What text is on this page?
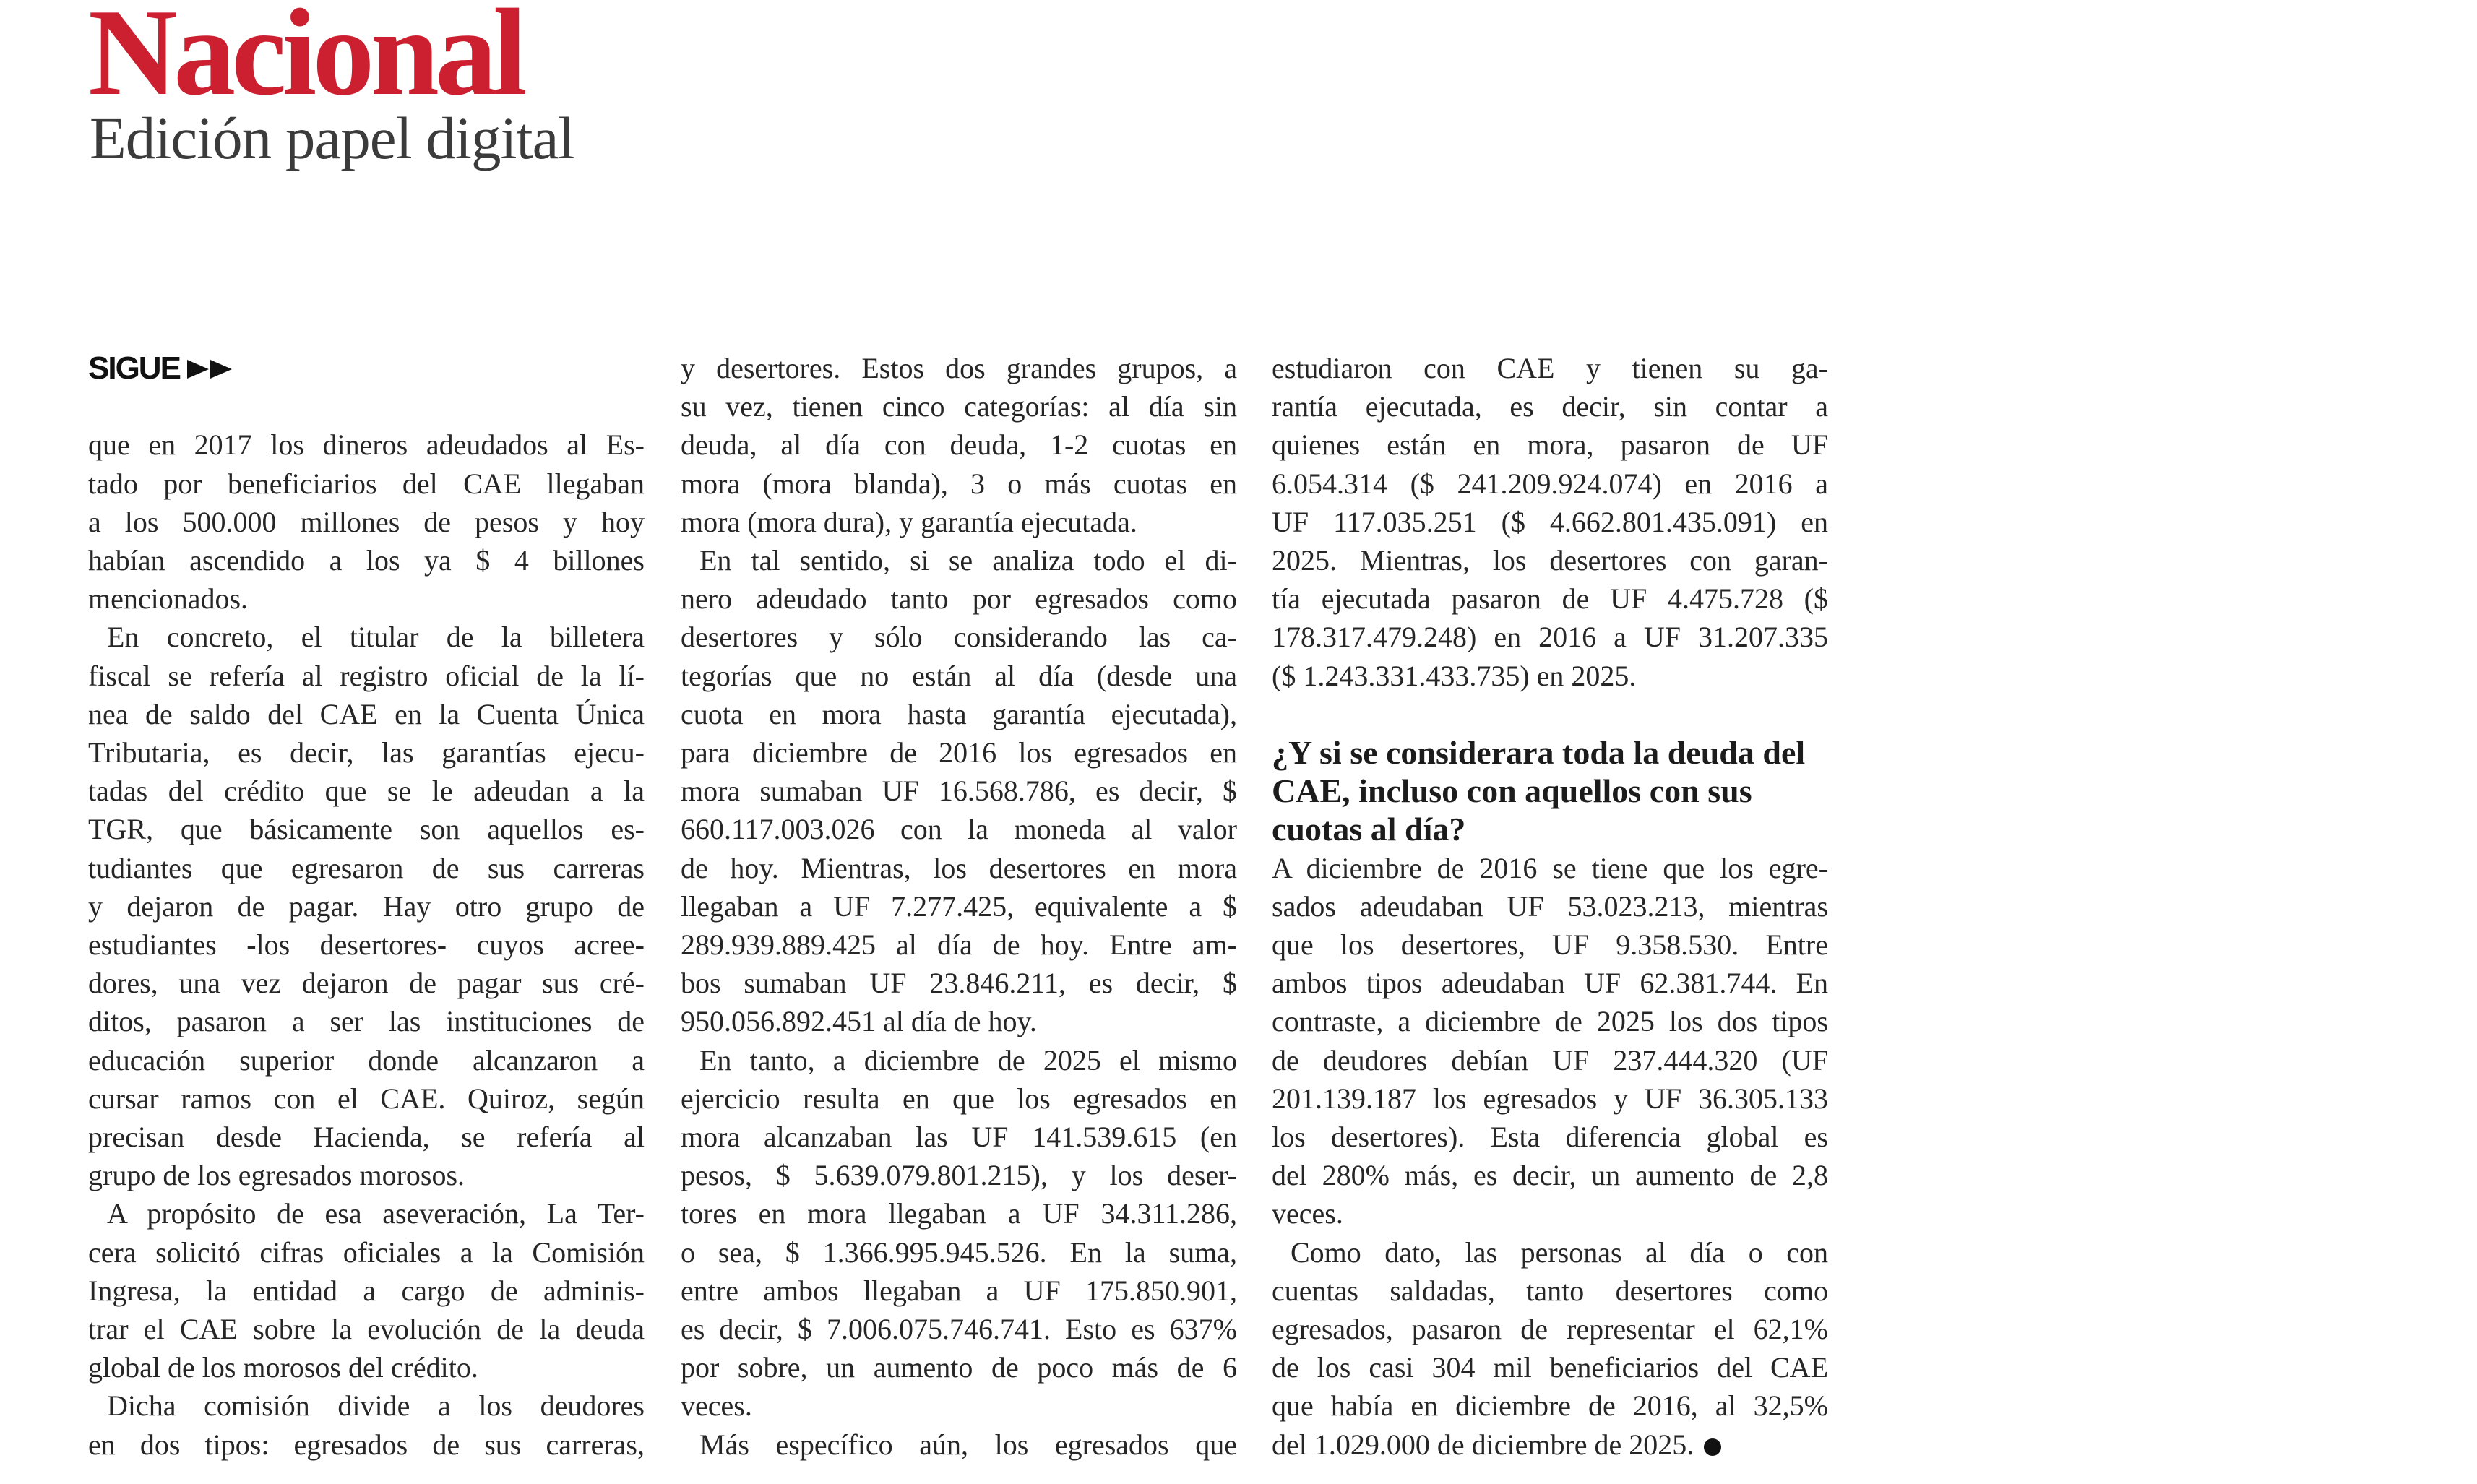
Nacional
Edición papel digital
SIGUE
que en 2017 los dineros adeudados al Es-
tado por beneficiarios del CAE llegaban
a los 500.000 millones de pesos y hoy
habían ascendido a los ya $ 4 billones
mencionados.
En concreto, el titular de la billetera
fiscal se refería al registro oficial de la lí-
nea de saldo del CAE en la Cuenta Única
Tributaria, es decir, las garantías ejecu-
tadas del crédito que se le adeudan a la
TGR, que básicamente son aquellos es-
tudiantes que egresaron de sus carreras
y dejaron de pagar. Hay otro grupo de
estudiantes -los desertores- cuyos acree-
dores, una vez dejaron de pagar sus cré-
ditos, pasaron a ser las instituciones de
educación superior donde alcanzaron a
cursar ramos con el CAE. Quiroz, según
precisan desde Hacienda, se refería al
grupo de los egresados morosos.
A propósito de esa aseveración, La Ter-
cera solicitó cifras oficiales a la Comisión
Ingresa, la entidad a cargo de adminis-
trar el CAE sobre la evolución de la deuda
global de los morosos del crédito.
Dicha comisión divide a los deudores
en dos tipos: egresados de sus carreras,
y desertores. Estos dos grandes grupos, a
su vez, tienen cinco categorías: al día sin
deuda, al día con deuda, 1-2 cuotas en
mora (mora blanda), 3 o más cuotas en
mora (mora dura), y garantía ejecutada.
En tal sentido, si se analiza todo el di-
nero adeudado tanto por egresados como
desertores y sólo considerando las ca-
tegorías que no están al día (desde una
cuota en mora hasta garantía ejecutada),
para diciembre de 2016 los egresados en
mora sumaban UF 16.568.786, es decir, $
660.117.003.026 con la moneda al valor
de hoy. Mientras, los desertores en mora
llegaban a UF 7.277.425, equivalente a $
289.939.889.425 al día de hoy. Entre am-
bos sumaban UF 23.846.211, es decir, $
950.056.892.451 al día de hoy.
En tanto, a diciembre de 2025 el mismo
ejercicio resulta en que los egresados en
mora alcanzaban las UF 141.539.615 (en
pesos, $ 5.639.079.801.215), y los deser-
tores en mora llegaban a UF 34.311.286,
o sea, $ 1.366.995.945.526. En la suma,
entre ambos llegaban a UF 175.850.901,
es decir, $ 7.006.075.746.741. Esto es 637%
por sobre, un aumento de poco más de 6
veces.
Más específico aún, los egresados que
estudiaron con CAE y tienen su ga-
rantía ejecutada, es decir, sin contar a
quienes están en mora, pasaron de UF
6.054.314 ($ 241.209.924.074) en 2016 a
UF 117.035.251 ($ 4.662.801.435.091) en
2025. Mientras, los desertores con garan-
tía ejecutada pasaron de UF 4.475.728 ($
178.317.479.248) en 2016 a UF 31.207.335
($ 1.243.331.433.735) en 2025.
¿Y si se considerara toda la deuda del
CAE, incluso con aquellos con sus
cuotas al día?
A diciembre de 2016 se tiene que los egre-
sados adeudaban UF 53.023.213, mientras
que los desertores, UF 9.358.530. Entre
ambos tipos adeudaban UF 62.381.744. En
contraste, a diciembre de 2025 los dos tipos
de deudores debían UF 237.444.320 (UF
201.139.187 los egresados y UF 36.305.133
los desertores). Esta diferencia global es
del 280% más, es decir, un aumento de 2,8
veces.
Como dato, las personas al día o con
cuentas saldadas, tanto desertores como
egresados, pasaron de representar el 62,1%
de los casi 304 mil beneficiarios del CAE
que había en diciembre de 2016, al 32,5%
del 1.029.000 de diciembre de 2025.
